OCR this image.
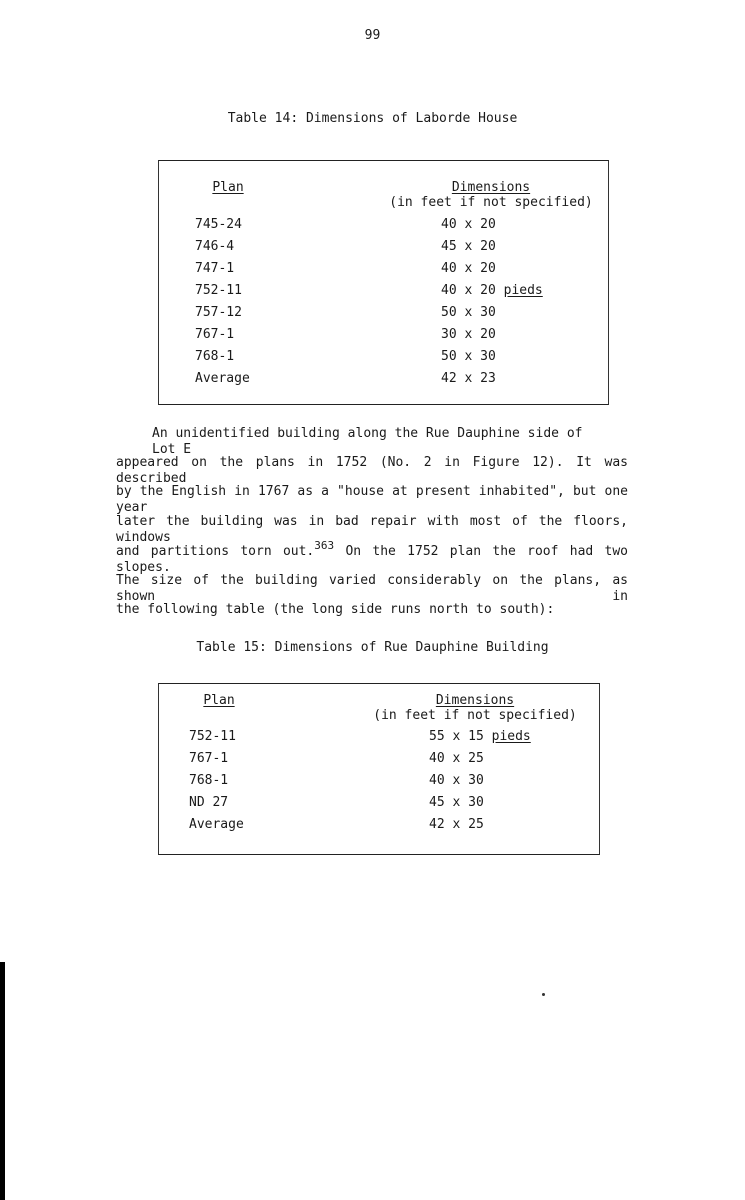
99
Table 14: Dimensions of Laborde House
Plan	Dimensions
(in feet if not specified)
745-24	40 x 20
746-4	45 x 20
747-1	40 x 20
752-11	40 x 20 pieds
757-12	50 x 30
767-1	30 x 20
768-1	50 x 30
Average	42 x 23
An unidentified building along the Rue Dauphine side of Lot E
appeared on the plans in 1752 (No. 2 in Figure 12). It was described
by the English in 1767 as a "house at present inhabited", but one year
later the building was in bad repair with most of the floors, windows
and partitions torn out.$^{363}$ On the 1752 plan the roof had two slopes.
The size of the building varied considerably on the plans, as shown in
the following table (the long side runs north to south):
Table 15: Dimensions of Rue Dauphine Building
Plan	Dimensions
(in feet if not specified)
752-11	55 x 15 pieds
767-1	40 x 25
768-1	40 x 30
ND 27	45 x 30
Average	42 x 25
